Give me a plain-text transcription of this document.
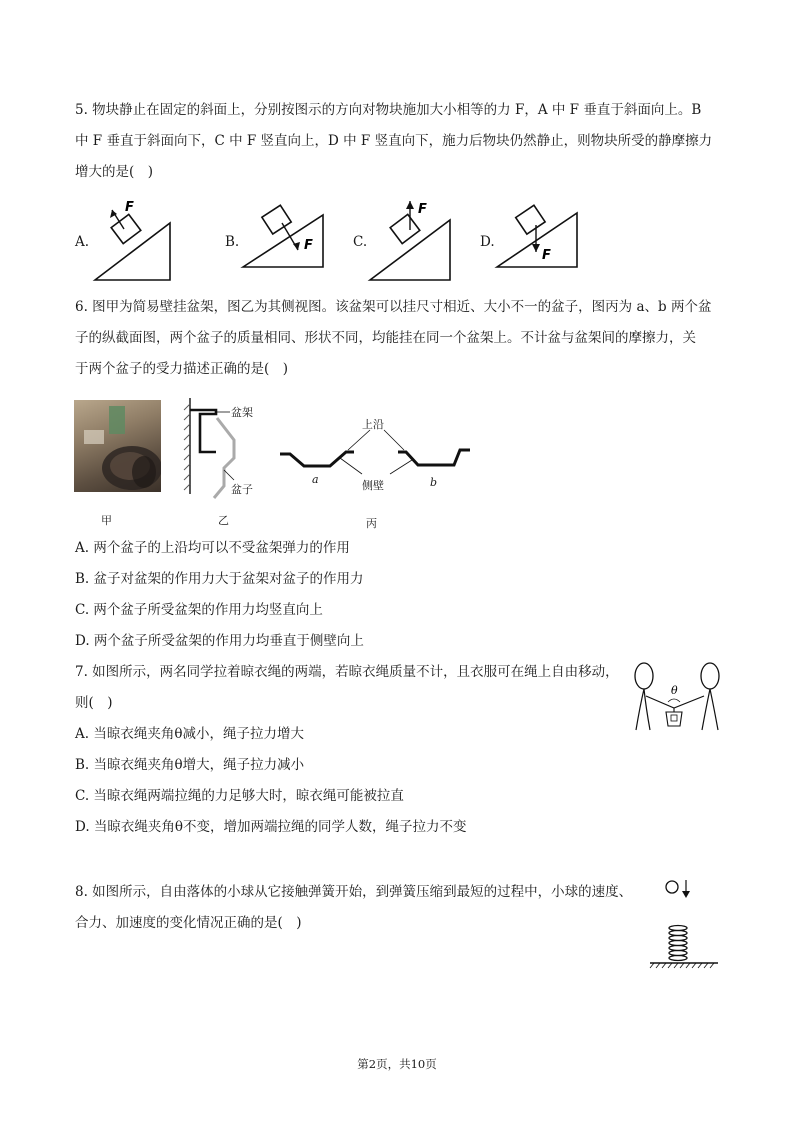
5. 物块静止在固定的斜面上，分别按图示的方向对物块施加大小相等的力 F，A 中 F 垂直于斜面向上。B
中 F 垂直于斜面向下，C 中 F 竖直向上，D 中 F 竖直向下，施力后物块仍然静止，则物块所受的静摩擦力
增大的是(　)
A.	B.	C.	D.
F
F
F
F
6. 图甲为简易壁挂盆架，图乙为其侧视图。该盆架可以挂尺寸相近、大小不一的盆子，图丙为 a、b 两个盆
子的纵截面图，两个盆子的质量相同、形状不同，均能挂在同一个盆架上。不计盆与盆架间的摩擦力，关
于两个盆子的受力描述正确的是(　)
甲
盆架
盆子
乙
上沿
侧壁
a	b
丙
A. 两个盆子的上沿均可以不受盆架弹力的作用
B. 盆子对盆架的作用力大于盆架对盆子的作用力
C. 两个盆子所受盆架的作用力均竖直向上
D. 两个盆子所受盆架的作用力均垂直于侧壁向上
7. 如图所示，两名同学拉着晾衣绳的两端，若晾衣绳质量不计，且衣服可在绳上自由移动，
则(　)
θ
A. 当晾衣绳夹角θ减小，绳子拉力增大
B. 当晾衣绳夹角θ增大，绳子拉力减小
C. 当晾衣绳两端拉绳的力足够大时，晾衣绳可能被拉直
D. 当晾衣绳夹角θ不变，增加两端拉绳的同学人数，绳子拉力不变
8. 如图所示，自由落体的小球从它接触弹簧开始，到弹簧压缩到最短的过程中，小球的速度、
合力、加速度的变化情况正确的是(　)
第2页，共10页
